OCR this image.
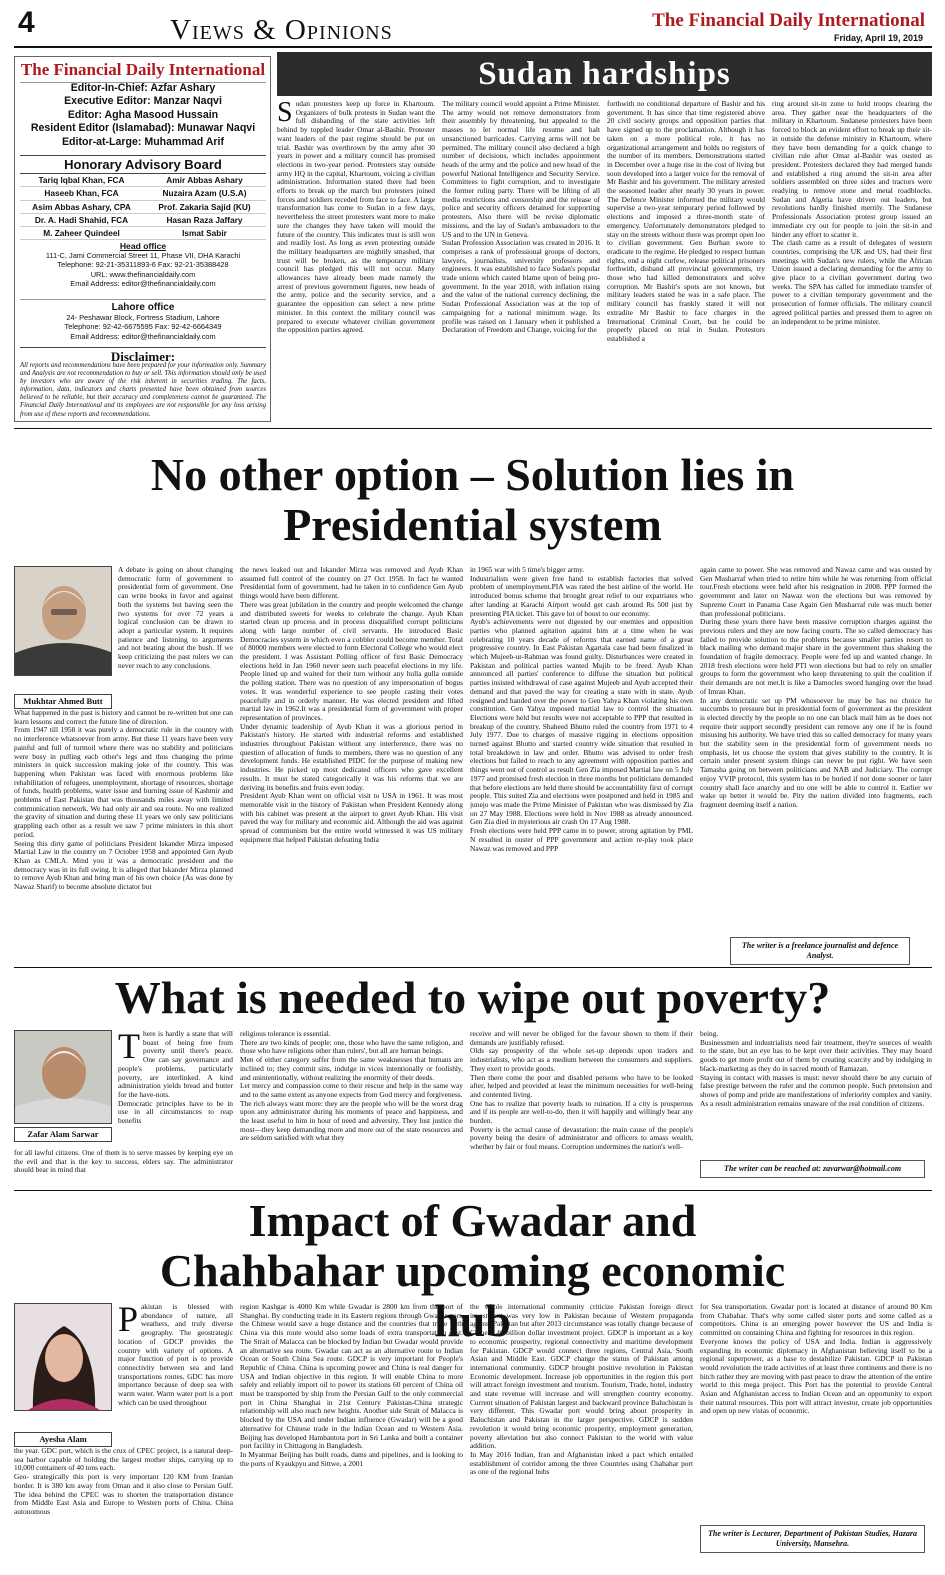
4	Views & Opinions	The Financial Daily International
Friday, April 19, 2019
The Financial Daily International
Editor-In-Chief: Azfar Ashary
Executive Editor: Manzar Naqvi
Editor: Agha Masood Hussain
Resident Editor (Islamabad): Munawar Naqvi
Editor-at-Large: Muhammad Arif
Honorary Advisory Board
Tariq Iqbal Khan, FCA	Amir Abbas Ashary
Haseeb Khan, FCA	Nuzaira Azam (U.S.A)
Asim Abbas Ashary, CPA	Prof. Zakaria Sajid (KU)
Dr. A. Hadi Shahid, FCA	Hasan Raza Jaffary
M. Zaheer Quindeel	Ismat Sabir
Head office
111-C, Jami Commercial Street 11, Phase VII, DHA Karachi
Telephone: 92-21-35311893-6 Fax: 92-21-35388428
URL: www.thefinancialdaily.com
Email Address: editor@thefinancialdaily.com
Lahore office
24- Peshawar Block, Fortress Stadium, Lahore
Telephone: 92-42-6675595 Fax: 92-42-6664349
Email Address: editor@thefinancialdaily.com
Disclaimer:
All reports and recommendations have been prepared for your information only. Summary and Analysis are not recommendation to buy or sell. This information should only be used by investors who are aware of the risk inherent in securities trading. The facts, information, data, indicators and charts presented have been obtained from sources believed to be reliable, but their accuracy and completeness cannot be guaranteed. The Financial Daily International and its employees are not responsible for any loss arising from use of these reports and recommendations.
Sudan hardships
Sudan protesters keep up force in Khartoum. Organizers of bulk protests in Sudan want the full disbanding of the state activities left behind by toppled leader Omar al-Bashir. Protester want leaders of the past regime should be put on trial. Bashir was overthrown by the army after 30 years in power and a military council has promised elections in two-year period. Protesters stay outside army HQ in the capital, Khartoum, voicing a civilian administration. Information stated there had been efforts to break up the march but protesters joined forces and soldiers receded from face to face. A large transformation has come to Sudan in a few days, nevertheless the street protesters want more to make sure the changes they have taken will mould the future of the country. This indicates trust is still won and readily lost. As long as even protesting outside the military headquarters are mightily smashed, that trust will be broken, as the temporary military council has pledged this will not occur. Many allowances have already been made namely the arrest of previous government figures, new heads of the army, police and the security service, and a guarantee the opposition can select a new prime minister. In this context the military council was prepared to execute whatever civilian government the opposition parties agreed.
The military council would appoint a Prime Minister. The army would not remove demonstrators from their assembly by threatening, but appealed to the masses to let normal life resume and halt unsanctioned barricades. Carrying arms will not be permitted. The military council also declared a high number of decisions, which includes appointment heads of the army and the police and new head of the powerful National Intelligence and Security Service. Committees to fight corruption, and to investigate the former ruling party. There will be lifting of all media restrictions and censorship and the release of police and security officers detained for supporting protesters. Also there will be revise diplomatic missions, and the lay of Sudan's ambassadors to the US and to the UN in Geneva.
Sudan Profession Association was created in 2016. It comprises a rank of professional groups of doctors, lawyers, journalists, university professors and engineers. It was established to face Sudan's popular trade unions which casted blame upon of being pro-government. In the year 2018, with inflation rising and the value of the national currency declining, the Sudan Professional Association was at the top of campaigning for a national minimum wage. Its profile was raised on 1 January when it published a Declaration of Freedom and Change, voicing for the
forthwith no conditional departure of Bashir and his government. It has since that time registered above 20 civil society groups and opposition parties that have signed up to the proclamation. Although it has taken on a more political role, it has no organizational arrangement and holds no registers of the number of its members. Demonstrations started in December over a huge rise in the cost of living but soon developed into a larger voice for the removal of Mr Bashir and his government. The military arrested the seasoned leader after nearly 30 years in power. The Defence Minister informed the military would supervise a two-year temporary period followed by elections and imposed a three-month state of emergency. Unfortunately demonstrators pledged to stay on the streets without there was prompt open loo to civilian government. Gen Burhan swore to eradicate to the regime. He pledged to respect human rights, end a night curfew, release political prisoners forthwith, disband all provincial governments, try those who had killed demonstrators and solve corruption. Mr Bashir's spots are not known, but military leaders stated he was in a safe place. The military council has frankly stated it will not extradite Mr Bashir to face charges in the International Criminal Court, but he could be properly placed on trial in Sudan. Protestors established a
ring around sit-in zone to hold troops clearing the area. They gather near the headquarters of the military in Khartoum. Sudanese protesters have been forced to block an evident effort to break up their sit-in outside the defense ministry in Khartoum, where they have been demanding for a quick change to civilian rule after Omar al-Bashir was ousted as president. Protesters declared they had merged hands and established a ring around the sit-in area after soldiers assembled on three sides and tractors were readying to remove stone and metal roadblocks. Sudan and Algeria have driven out leaders, but revolutions hardly finished merrily. The Sudanese Professionals Association protest group issued an immediate cry out for people to join the sit-in and hinder any effort to scatter it.
The clash came as a result of delegates of western countries, comprising the UK and US, had their first meetings with Sudan's new rulers, while the African Union issued a declaring demanding for the army to give place to a civilian government during two weeks. The SPA has called for immediate transfer of power to a civilian temporary government and the prosecution of former officials. The military council agreed political parties and pressed them to agree on an independent to be prime minister.
No other option – Solution lies in Presidential system
Mukhtar Ahmed Butt
A debate is going on about changing democratic form of government to presidential form of government. One can write books in favor and against both the systems but having seen the two systems for over 72 years a logical conclusion can be drawn to adopt a particular system. It requires patience and listening to arguments and not beating about the bush. If we keep criticizing the past rulers we can never reach to any conclusions.
What happened in the past is history and cannot be re-written but one can learn lessons and correct the future line of direction.
From 1947 till 1958 it was purely a democratic rule in the country with no interference whatsoever from army. But these 11 years have been very painful and full of turmoil where there was no stability and politicians were busy in pulling each other's legs and thus changing the prime ministers in quick succession making joke of the country. This was happening when Pakistan was faced with enormous problems like rehabilitation of refugees, unemployment, shortage of resources, shortage of funds, health problems, water issue and burning issue of Kashmir and problems of East Pakistan that was thousands miles away with limited communication network. We had only air and sea route. No one realized the gravity of situation and during these 11 years we only saw politicians grappling each other as a result we saw 7 prime ministers in this short period.
Seeing this dirty game of politicians President Iskander Mirza imposed Martial Law in the country on 7 October 1958 and appointed Gen Ayub Khan as CMLA. Mind you it was a democratic president and the democracy was in its full swing. It is alleged that Iskander Mirza planned to remove Ayub Khan and bring man of his own choice (As was done by Nawaz Sharif) to become absolute dictator but
the news leaked out and Iskander Mirza was removed and Ayub Khan assumed full control of the country on 27 Oct 1958. In fact he wanted Presidential form of government, had he taken in to confidence Gen Ayub things would have been different.
There was great jubilation in the country and people welcomed the change and distributed sweets for weeks to celebrate the change. Ayub Khan started clean up process and in process disqualified corrupt politicians along with large number of civil servants. He introduced Basic Democracies system in which even a cobbler could become member. Total of 80000 members were elected to form Electoral College who would elect the president. I was Assistant Polling officer of first Basic Democracy elections held in Jan 1960 never seen such peaceful elections in my life. People lined up and waited for their turn without any hulla gulla outside the polling station. There was no question of any impersonation of bogus votes. It was wonderful experience to see people casting their votes peacefully and in orderly manner. He was elected president and lifted martial law in 1962.It was a presidential form of government with proper representation of provinces.
Under dynamic leadership of Ayub Khan it was a glorious period in Pakistan's history. He started with industrial reforms and established industries throughout Pakistan without any interference, there was no question of allocation of funds to members, there was no question of any development funds. He established PIDC for the purpose of making new industries. He picked up most dedicated officers who gave excellent results. It must be stated categorically it was his reforms that we are deriving its benefits and fruits even today.
President Ayub Khan went on official visit to USA in 1961. It was most memorable visit in the history of Pakistan when President Kennedy along with his cabinet was present at the airport to greet Ayub Khan. His visit paved the way for military and economic aid. Although the aid was against spread of communism but the entire world witnessed it was US military equipment that helped Pakistan defeating India
in 1965 war with 5 time's bigger army.
Industrialists were given free hand to establish factories that solved problem of unemployment.PIA was rated the best airline of the world. He introduced bonus scheme that brought great relief to our expatriates who after landing at Karachi Airport would get cash around Rs 500 just by presenting PIA ticket. This gave lot of boost to our economy.
Ayub's achievements were not digested by our enemies and opposition parties who planned agitation against him at a time when he was celebrating 10 years decade of reforms that earned name of a great progressive country. In East Pakistan Agartala case had been finalized in which Mujeeb-ur-Rahman was found guilty. Disturbances were created in Pakistan and political parties wanted Mujib to be freed. Ayub Khan announced all parties' conference to diffuse the situation but political parties insisted withdrawal of case against Mujeeb and Ayub accepted their demand and that paved the way for creating a state with in state. Ayub resigned and handed over the power to Gen Yahya Khan violating his own constitution. Gen Yahya imposed martial law to control the situation. Elections were held but results were not acceptable to PPP that resulted in breakup of the country. Shaheed Bhutto ruled the country from 1971 to 4 July 1977. Due to charges of massive rigging in elections opposition turned against Bhutto and started country wide situation that resulted in total breakdown in law and order. Bhutto was advised to order fresh elections but failed to reach to any agreement with opposition parties and things went out of control as result Gen Zia imposed Martial law on 5 July 1977 and promised fresh election in three months but politicians demanded that before elections are held there should be accountability first of corrupt people. This suited Zia and elections were postponed and held in 1985 and junejo was made the Prime Minister of Pakistan who was dismissed by Zia on 27 May 1988. Elections were held in Nov 1988 as already announced. Gen Zia died in mysterious air crash On 17 Aug 1988.
Fresh elections were held PPP came in to power, strong agitation by PML N resulted in ouster of PPP government and action re-play took place Nawaz was removed and PPP
again came to power. She was removed and Nawaz came and was ousted by Gen Musharraf when tried to retire him while he was returning from official tour.Fresh elections were held after his resignation in 2008. PPP formed the government and later on Nawaz won the elections but was removed by Supreme Court in Panama Case Again Gen Musharraf rule was much better than professional politicians.
During these years there have been massive corruption charges against the previous rulers and they are now facing courts. The so called democracy has failed to provide solution to the problems because smaller parties resort to black mailing who demand major share in the government thus shaking the foundation of fragile democracy. People were fed up and wanted change. In 2018 fresh elections were held PTI won elections but had to rely on smaller groups to form the government who keep threatening to quit the coalition if their demands are not met.It is like a Damocles sword hanging over the head of Imran Khan.
In any democratic set up PM whosoever he may be has no choice he succumbs to pressure but in presidential form of government as the president is elected directly by the people so no one can black mail him as he does not require their support secondly president can remove any one if he is found misusing his authority. We have tried this so called democracy for many years but the stability seen in the presidential form of government needs no emphasis, let us choose the system that gives stability to the country. It is certain under present system things can never be put right. We have seen Tamasha going on between politicians and NAB and Judiciary. The corrupt enjoy VVIP protocol, this system has to be buried if not done sooner or later country shall face anarchy and no one will be able to control it. Earlier we wake up better it would be. Pity the nation divided into fragments, each fragment deeming itself a nation.
The writer is a freelance journalist and defence Analyst.
What is needed to wipe out poverty?
Zafar Alam Sarwar
There is hardly a state that will boast of being free from poverty until there's peace. One can say governance and people's problems, particularly poverty, are interlinked. A kind administration yields bread and butter for the have-nots.
Democratic principles have to be in use in all circumstances to reap benefits
for all lawful citizens. One of them is to serve masses by keeping eye on the evil and that is the key to success, elders say. The administrator should bear in mind that
religious tolerance is essential.
There are two kinds of people: one, those who have the same religion, and those who have religions other than rulers', but all are human beings.
Men of either category suffer from the same weaknesses that humans are inclined to; they commit sins, indulge in vices intentionally or foolishly, and unintentionally, without realizing the enormity of their deeds.
Let mercy and compassion come to their rescue and help in the same way and to the same extent as anyone expects from God mercy and forgiveness.
The rich always want more: they are the people who will be the worst drag upon any administrator during his moments of peace and happiness, and the least useful to him in hour of need and adversity. They lust justice the most—they keep demanding more and more out of the state resources and are seldom satisfied with what they
receive and will never be obliged for the favour shown to them if their demands are justifiably refused.
Olds say prosperity of the whole set-up depends upon traders and industrialists, who act as a medium between the consumers and suppliers. They exert to provide goods.
Then there come the poor and disabled persons who have to be looked after, helped and provided at least the minimum necessities for well-being and contented living.
One has to realize that poverty leads to ruination. If a city is prosperous and if its people are well-to-do, then it will happily and willingly bear any burden.
Poverty is the actual cause of devastation: the main cause of the people's poverty being the desire of administrator and officers to amass wealth, whether by fair or foul means. Corruption undermines the nation's well-
being.
Businessmen and industrialists need fair treatment, they're sources of wealth to the state, but an eye has to be kept over their activities. They may hoard goods to get more profit out of them by creating scarcity and by indulging in black-marketing as they do in sacred month of Ramazan.
Staying in contact with masses is must: never should there be any curtain of false prestige between the ruler and the common people. Such pretension and shows of pomp and pride are manifestations of inferiority complex and vanity.
As a result administration remains unaware of the real condition of citizens.
The writer can be reached at: zavarwar@hotmail.com
Impact of Gwadar and Chahbahar upcoming economic hub
Ayesha Alam
Pakistan is blessed with abundance of nature, all weathers, and truly diverse geography. The geostrategic location of GDCP provides the country with variety of options. A major function of port is to provide connectivity between sea and land transportations routes. GDC has more importance because of deep sea with warm water. Warm water port is a port which can be used throughout
the year. GDC port, which is the crux of CPEC project, is a natural deep-sea harbor capable of holding the largest mother ships, carrying up to 10,000 containers of 40 tons each.
Geo- strategically this port is very important 120 KM from Iranian border. It is 380 km away from Oman and it also close to Persian Gulf. The idea behind the CPEC was to shorten the transportation distance from Middle East Asia and Europe to Western ports of China. China autonomous
region Kashgar is 4000 Km while Gwadar is 2800 km from the port of Shanghai. By conducting trade in its Eastern regions through Gwadar port, the Chinese would save a huge distance and the countries that trade with China via this route would also some loads of extra transportation cost. The Strait of Malacca can be blocked by Indian but Gwadar would provide an alternative sea route. Gwadar can act as an alternative route to Indian Ocean or South China Sea route. GDCP is very important for People's Republic of China. China is upcoming power and China is real danger for USA and Indian objective in this region. It will enable China to more safely and reliably import oil to power its stations 60 percent of China oil must be transported by ship from the Persian Gulf to the only commercial port in China Shanghai in 21st Century Pakistan-China strategic relationship will also reach new heights. Another side Strait of Malacca is blocked by the USA and under Indian influence (Gwadar) will be a good alternative for Chinese trade in the Indian Ocean and to Western Asia. Beijing has developed Hambantota port in Sri Lanka and built a container port facility in Chittagong in Bangladesh.
In Myanmar Beijing has built roads, dams and pipelines, and is looking to the ports of Kyaukpyu and Sittwe, a 2001
the whole international community criticize Pakistan foreign direct investment was very low in Pakistan because of Western propaganda against Pakistan but after 2013 circumstance was totally change because of Chinese 46 billion dollar investment project. GDCP is important as a key to economic prosperity, regional connectivity and maritime development for Pakistan. GDCP would connect three regions, Central Asia, South Asian and Middle East. GDCP change the status of Pakistan among international community. GDCP brought positive revolution in Pakistan Economic development. Increase job opportunities in the region this port will attract foreign investment and tourism. Tourism, Trade, hotel, industry and state revenue will increase and will strengthen country economy. Current situation of Pakistan largest and backward province Baluchistan is very different. This Gwadar port would bring about prosperity in Baluchistan and Pakistan in the larger perspective. GDCP is sudden revolution it would bring economic prosperity, employment generation, poverty alleviation but also connect Pakistan to the world with value addition.
In May 2016 Indian, Iran and Afghanistan inked a pact which entailed establishment of corridor among the three Countries using Chabahar port as one of the regional hubs
for Sea transportation. Gwadar port is located at distance of around 80 Km from Chabahar. That's why some called sister ports and some called as a competitors. China is an emerging power however the US and India is committed on containing China and fighting for resources in this region.
Everyone knows the policy of USA and India. Indian is aggressively expanding its economic diplomacy in Afghanistan believing itself to be a regional superpower, as a base to destabilize Pakistan. GDCP in Pakistan would revolution the trade activities of at least three continents and there is no hitch rather they are moving with past peace to draw the attention of the entire world to this mega project. This Port has the potential to provide Central Asian and Afghanistan access to Indian Ocean and an opportunity to export their natural resources. This port will attract investor, create job opportunities and open up new vistas of economic.
The writer is Lecturer, Department of Pakistan Studies, Hazara University, Mansehra.
